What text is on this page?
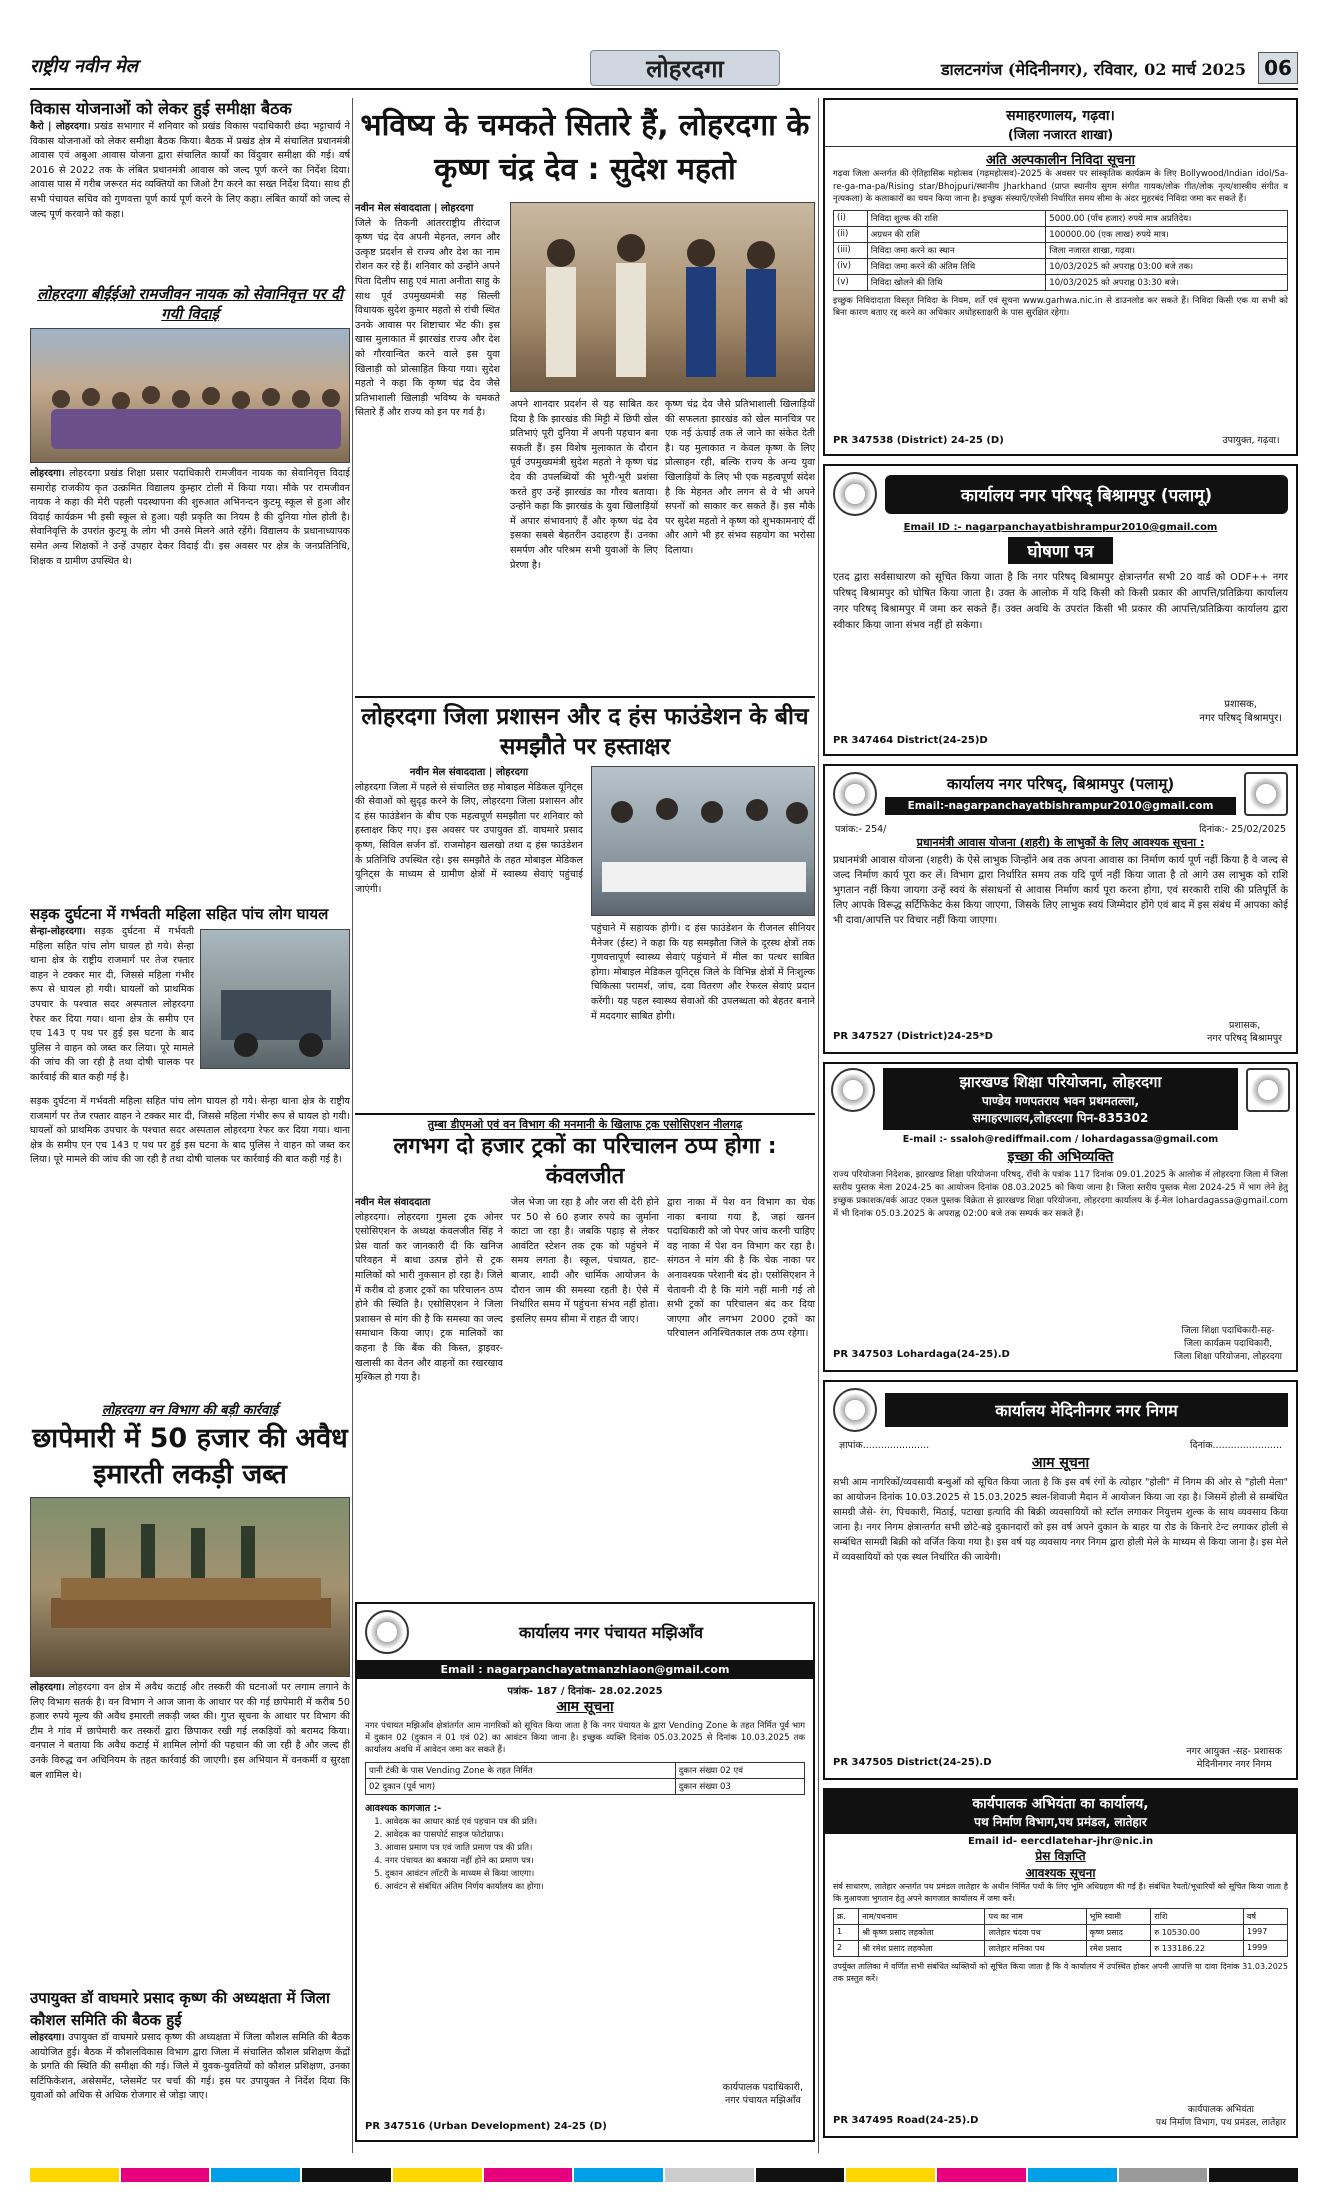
राष्ट्रीय नवीन मेल	लोहरदगा	डालटनगंज (मेदिनीनगर), रविवार, 02 मार्च 2025 06
विकास योजनाओं को लेकर हुई समीक्षा बैठक
कैरो | लोहरदगा। प्रखंड सभागार में शनिवार को प्रखंड विकास पदाधिकारी छंदा भट्टाचार्य ने विकास योजनाओं को लेकर समीक्षा बैठक किया। बैठक में प्रखंड क्षेत्र में संचालित प्रधानमंत्री आवास एवं अबुआ आवास योजना द्वारा संचालित कार्यों का विंदुवार समीक्षा की गई। वर्ष 2016 से 2022 तक के लंबित प्रधानमंत्री आवास को जल्द पूर्ण करने का निर्देश दिया। आवास पास में गरीब जरूरत मंद व्यक्तियों का जिओ टैग करने का सख्त निर्देश दिया। साथ ही सभी पंचायत सचिव को गुणवत्ता पूर्ण कार्य पूर्ण करने के लिए कहा। लंबित कार्यों को जल्द से जल्द पूर्ण करवाने को कहा।
लोहरदगा बीईईओ रामजीवन नायक को सेवानिवृत्त पर दी गयी विदाई
लोहरदगा। लोहरदगा प्रखंड शिक्षा प्रसार पदाधिकारी रामजीवन नायक का सेवानिवृत्त विदाई समारोह राजकीय कृत उत्क्रमित विद्यालय कुम्हार टोली में किया गया। मौके पर रामजीवन नायक ने कहा की मेरी पहली पदस्थापना की शुरुआत अभिनन्दन कुटमू स्कूल से हुआ और विदाई कार्यक्रम भी इसी स्कूल से हुआ। यही प्रकृति का नियम है की दुनिया गोल होती है। सेवानिवृत्ति के उपरांत कुटमू के लोग भी उनसे मिलने आते रहेंगे। विद्यालय के प्रधानाध्यापक समेत अन्य शिक्षकों ने उन्हें उपहार देकर विदाई दी। इस अवसर पर क्षेत्र के जनप्रतिनिधि, शिक्षक व ग्रामीण उपस्थित थे।
सड़क दुर्घटना में गर्भवती महिला सहित पांच लोग घायल
सेन्हा-लोहरदगा। सड़क दुर्घटना में गर्भवती महिला सहित पांच लोग घायल हो गये। सेन्हा थाना क्षेत्र के राष्ट्रीय राजमार्ग पर तेज रफ्तार वाहन ने टक्कर मार दी, जिससे महिला गंभीर रूप से घायल हो गयी। घायलों को प्राथमिक उपचार के पश्चात सदर अस्पताल लोहरदगा रेफर कर दिया गया। थाना क्षेत्र के समीप एन एच 143 ए पथ पर हुई इस घटना के बाद पुलिस ने वाहन को जब्त कर लिया। पूरे मामले की जांच की जा रही है तथा दोषी चालक पर कार्रवाई की बात कही गई है।
सड़क दुर्घटना में गर्भवती महिला सहित पांच लोग घायल हो गये। सेन्हा थाना क्षेत्र के राष्ट्रीय राजमार्ग पर तेज रफ्तार वाहन ने टक्कर मार दी, जिससे महिला गंभीर रूप से घायल हो गयी। घायलों को प्राथमिक उपचार के पश्चात सदर अस्पताल लोहरदगा रेफर कर दिया गया। थाना क्षेत्र के समीप एन एच 143 ए पथ पर हुई इस घटना के बाद पुलिस ने वाहन को जब्त कर लिया। पूरे मामले की जांच की जा रही है तथा दोषी चालक पर कार्रवाई की बात कही गई है।
लोहरदगा वन विभाग की बड़ी कार्रवाई
छापेमारी में 50 हजार की अवैध इमारती लकड़ी जब्त
लोहरदगा। लोहरदगा वन क्षेत्र में अवैध कटाई और तस्करी की घटनाओं पर लगाम लगाने के लिए विभाग सतर्क है। वन विभाग ने आज जाना के आधार पर की गई छापेमारी में करीब 50 हजार रुपये मूल्य की अवैध इमारती लकड़ी जब्त की। गुप्त सूचना के आधार पर विभाग की टीम ने गांव में छापेमारी कर तस्करों द्वारा छिपाकर रखी गई लकड़ियों को बरामद किया। वनपाल ने बताया कि अवैध कटाई में शामिल लोगों की पहचान की जा रही है और जल्द ही उनके विरुद्ध वन अधिनियम के तहत कार्रवाई की जाएगी। इस अभियान में वनकर्मी व सुरक्षा बल शामिल थे।
उपायुक्त डॉ वाघमारे प्रसाद कृष्ण की अध्यक्षता में जिला कौशल समिति की बैठक हुई
लोहरदगा। उपायुक्त डॉ वाघमारे प्रसाद कृष्ण की अध्यक्षता में जिला कौशल समिति की बैठक आयोजित हुई। बैठक में कौशलविकास विभाग द्वारा जिला में संचालित कौशल प्रशिक्षण केंद्रों के प्रगति की स्थिति की समीक्षा की गई। जिले में युवक-युवतियों को कौशल प्रशिक्षण, उनका सर्टिफिकेशन, असेसमेंट, प्लेसमेंट पर चर्चा की गई। इस पर उपायुक्त ने निर्देश दिया कि युवाओं को अधिक से अधिक रोजगार से जोड़ा जाए।
भविष्य के चमकते सितारे हैं, लोहरदगा के कृष्ण चंद्र देव : सुदेश महतो
नवीन मेल संवाददाता | लोहरदगा
जिले के तिकनी आंतरराष्ट्रीय तीरंदाज कृष्ण चंद्र देव अपनी मेहनत, लगन और उत्कृष्ट प्रदर्शन से राज्य और देश का नाम रोशन कर रहे हैं। शनिवार को उन्होंने अपने पिता दिलीप साहु एवं माता अनीता साहु के साथ पूर्व उपमुख्यमंत्री सह सिल्ली विधायक सुदेश कुमार महतो से रांची स्थित उनके आवास पर शिष्टाचार भेंट की। इस खास मुलाकात में झारखंड राज्य और देश को गौरवान्वित करने वाले इस युवा खिलाड़ी को प्रोत्साहित किया गया। सुदेश महतो ने कहा कि कृष्ण चंद्र देव जैसे प्रतिभाशाली खिलाड़ी भविष्य के चमकते सितारे हैं और राज्य को इन पर गर्व है।
अपने शानदार प्रदर्शन से यह साबित कर दिया है कि झारखंड की मिट्टी में छिपी खेल प्रतिभाएं पूरी दुनिया में अपनी पहचान बना सकती हैं। इस विशेष मुलाकात के दौरान पूर्व उपमुख्यमंत्री सुदेश महतो ने कृष्ण चंद्र देव की उपलब्धियों की भूरी-भूरी प्रशंसा करते हुए उन्हें झारखंड का गौरव बताया। उन्होंने कहा कि झारखंड के युवा खिलाड़ियों में अपार संभावनाएं हैं और कृष्ण चंद्र देव इसका सबसे बेहतरीन उदाहरण हैं। उनका समर्पण और परिश्रम सभी युवाओं के लिए प्रेरणा है।
कृष्ण चंद्र देव जैसे प्रतिभाशाली खिलाड़ियों की सफलता झारखंड को खेल मानचित्र पर एक नई ऊंचाई तक ले जाने का संकेत देती है। यह मुलाकात न केवल कृष्ण के लिए प्रोत्साहन रही, बल्कि राज्य के अन्य युवा खिलाड़ियों के लिए भी एक महत्वपूर्ण संदेश है कि मेहनत और लगन से वे भी अपने सपनों को साकार कर सकते हैं। इस मौके पर सुदेश महतो ने कृष्ण को शुभकामनाएं दीं और आगे भी हर संभव सहयोग का भरोसा दिलाया।
लोहरदगा जिला प्रशासन और द हंस फाउंडेशन के बीच समझौते पर हस्ताक्षर
नवीन मेल संवाददाता | लोहरदगा
लोहरदगा जिला में पहले से संचालित छह मोबाइल मेडिकल यूनिट्स की सेवाओं को सुदृढ़ करने के लिए, लोहरदगा जिला प्रशासन और द हंस फाउंडेशन के बीच एक महत्वपूर्ण समझौता पर शनिवार को हस्ताक्षर किए गए। इस अवसर पर उपायुक्त डॉ. वाघमारे प्रसाद कृष्ण, सिविल सर्जन डॉ. राजमोहन खलखो तथा द हंस फाउंडेशन के प्रतिनिधि उपस्थित रहे। इस समझौते के तहत मोबाइल मेडिकल यूनिट्स के माध्यम से ग्रामीण क्षेत्रों में स्वास्थ्य सेवाएं पहुंचाई जाएंगी।
पहुंचाने में सहायक होगी। द हंस फाउंडेशन के रीजनल सीनियर मैनेजर (ईस्ट) ने कहा कि यह समझौता जिले के दूरस्थ क्षेत्रों तक गुणवत्तापूर्ण स्वास्थ्य सेवाएं पहुंचाने में मील का पत्थर साबित होगा। मोबाइल मेडिकल यूनिट्स जिले के विभिन्न क्षेत्रों में निःशुल्क चिकित्सा परामर्श, जांच, दवा वितरण और रेफरल सेवाएं प्रदान करेंगी। यह पहल स्वास्थ्य सेवाओं की उपलब्धता को बेहतर बनाने में मददगार साबित होगी।
तुम्बा डीएमओ एवं वन विभाग की मनमानी के खिलाफ ट्रक एसोसिएशन नीलगढ़
लगभग दो हजार ट्रकों का परिचालन ठप्प होगा : कंवलजीत
नवीन मेल संवाददाता
लोहरदगा। लोहरदगा गुमला ट्रक ओनर एसोसिएशन के अध्यक्ष कंवलजीत सिंह ने प्रेस वार्ता कर जानकारी दी कि खनिज परिवहन में बाधा उत्पन्न होने से ट्रक मालिकों को भारी नुकसान हो रहा है। जिले में करीब दो हजार ट्रकों का परिचालन ठप्प होने की स्थिति है। एसोसिएशन ने जिला प्रशासन से मांग की है कि समस्या का जल्द समाधान किया जाए। ट्रक मालिकों का कहना है कि बैंक की किस्त, ड्राइवर-खलासी का वेतन और वाहनों का रखरखाव मुश्किल हो गया है।
जेल भेजा जा रहा है और जरा सी देरी होने पर 50 से 60 हजार रुपये का जुर्माना काटा जा रहा है। जबकि पहाड़ से लेकर आवंटित स्टेशन तक ट्रक को पहुंचने में समय लगता है। स्कूल, पंचायत, हाट-बाजार, शादी और धार्मिक आयोजन के दौरान जाम की समस्या रहती है। ऐसे में निर्धारित समय में पहुंचना संभव नहीं होता। इसलिए समय सीमा में राहत दी जाए।
द्वारा नाका में पेश वन विभाग का चेक नाका बनाया गया है, जहां खनन पदाधिकारी को जो पेपर जांच करनी चाहिए वह नाका में पेश वन विभाग कर रहा है। संगठन ने मांग की है कि चेक नाका पर अनावश्यक परेशानी बंद हो। एसोसिएशन ने चेतावनी दी है कि मांगे नहीं मानी गई तो सभी ट्रकों का परिचालन बंद कर दिया जाएगा और लगभग 2000 ट्रकों का परिचालन अनिश्चितकाल तक ठप्प रहेगा।
कार्यालय नगर पंचायत मझिआँव
Email : nagarpanchayatmanzhiaon@gmail.com
पत्रांक- 187 / दिनांक- 28.02.2025
आम सूचना
नगर पंचायत मझिआँव क्षेत्रांतर्गत आम नागरिकों को सूचित किया जाता है कि नगर पंचायत के द्वारा Vending Zone के तहत निर्मित पूर्व भाग में दुकान 02 (दुकान नं 01 एवं 02) का आवंटन किया जाना है। इच्छुक व्यक्ति दिनांक 05.03.2025 से दिनांक 10.03.2025 तक कार्यालय अवधि में आवेदन जमा कर सकते हैं।
पानी टंकी के पास Vending Zone के तहत निर्मित	दुकान संख्या 02 एवं
02 दुकान (पूर्व भाग)	दुकान संख्या 03
आवश्यक कागजात :-
1. आवेदक का आधार कार्ड एवं पहचान पत्र की प्रति।
2. आवेदक का पासपोर्ट साइज फोटोग्राफ।
3. आवास प्रमाण पत्र एवं जाति प्रमाण पत्र की प्रति।
4. नगर पंचायत का बकाया नहीं होने का प्रमाण पत्र।
5. दुकान आवंटन लॉटरी के माध्यम से किया जाएगा।
6. आवंटन से संबंधित अंतिम निर्णय कार्यालय का होगा।
कार्यपालक पदाधिकारी,
नगर पंचायत मझिआँव
PR 347516 (Urban Development) 24-25 (D)
समाहरणालय, गढ़वा।
(जिला नजारत शाखा)
अति अल्पकालीन निविदा सूचना
गढ़वा जिला अन्तर्गत की ऐतिहासिक महोत्सव (गढ़महोत्सव)-2025 के अवसर पर सांस्कृतिक कार्यक्रम के लिए Bollywood/Indian idol/Sa-re-ga-ma-pa/Rising star/Bhojpuri/स्थानीय Jharkhand (प्राप्त स्थानीय सुगम संगीत गायक/लोक गीत/लोक नृत्य/शास्त्रीय संगीत व नृत्यकला) के कलाकारों का चयन किया जाना है। इच्छुक संस्थाएँ/एजेंसी निर्धारित समय सीमा के अंदर मुहरबंद निविदा जमा कर सकते हैं।
(i)	निविदा शुल्क की राशि	5000.00 (पाँच हजार) रुपये मात्र अप्रतिदेय।
(ii)	अग्रधन की राशि	100000.00 (एक लाख) रुपये मात्र।
(iii)	निविदा जमा करने का स्थान	जिला नजारत शाखा, गढ़वा।
(iv)	निविदा जमा करने की अंतिम तिथि	10/03/2025 को अपराह्न 03:00 बजे तक।
(v)	निविदा खोलने की तिथि	10/03/2025 को अपराह्न 03:30 बजे।
इच्छुक निविदादाता विस्तृत निविदा के नियम, शर्तें एवं सूचना www.garhwa.nic.in से डाउनलोड कर सकते हैं। निविदा किसी एक या सभी को बिना कारण बताए रद्द करने का अधिकार अधोहस्ताक्षरी के पास सुरक्षित रहेगा।
PR 347538 (District) 24-25 (D)	उपायुक्त, गढ़वा।
कार्यालय नगर परिषद् बिश्रामपुर (पलामू)
Email ID :- nagarpanchayatbishrampur2010@gmail.com
घोषणा पत्र
एतद द्वारा सर्वसाधारण को सूचित किया जाता है कि नगर परिषद् बिश्रामपुर क्षेत्रान्तर्गत सभी 20 वार्ड को ODF++ नगर परिषद् बिश्रामपुर को घोषित किया जाता है। उक्त के आलोक में यदि किसी को किसी प्रकार की आपत्ति/प्रतिक्रिया कार्यालय नगर परिषद् बिश्रामपुर में जमा कर सकते हैं। उक्त अवधि के उपरांत किसी भी प्रकार की आपत्ति/प्रतिक्रिया कार्यालय द्वारा स्वीकार किया जाना संभव नहीं हो सकेगा।
प्रशासक,
नगर परिषद् बिश्रामपुर।
PR 347464 District(24-25)D
कार्यालय नगर परिषद्, बिश्रामपुर (पलामू)
Email:-nagarpanchayatbishrampur2010@gmail.com
पत्रांक:- 254/	दिनांक:- 25/02/2025
प्रधानमंत्री आवास योजना (शहरी) के लाभुकों के लिए आवश्यक सूचना :
प्रधानमंत्री आवास योजना (शहरी) के ऐसे लाभुक जिन्होंने अब तक अपना आवास का निर्माण कार्य पूर्ण नहीं किया है वे जल्द से जल्द निर्माण कार्य पूरा कर लें। विभाग द्वारा निर्धारित समय तक यदि पूर्ण नहीं किया जाता है तो आगे उस लाभुक को राशि भुगतान नहीं किया जायगा उन्हें स्वयं के संसाधनों से आवास निर्माण कार्य पूरा करना होगा, एवं सरकारी राशि की प्रतिपूर्ति के लिए आपके विरूद्ध सर्टिफिकेट केस किया जाएगा, जिसके लिए लाभुक स्वयं जिम्मेदार होंगे एवं बाद में इस संबंध में आपका कोई भी दावा/आपत्ति पर विचार नहीं किया जाएगा।
प्रशासक,
नगर परिषद् बिश्रामपुर
PR 347527 (District)24-25*D
झारखण्ड शिक्षा परियोजना, लोहरदगा
पाण्डेय गणपतराय भवन प्रथमतल्ला,
समाहरणालय,लोहरदगा पिन-835302
E-mail :- ssaloh@rediffmail.com / lohardagassa@gmail.com
इच्छा की अभिव्यक्ति
राज्य परियोजना निदेशक, झारखण्ड शिक्षा परियोजना परिषद्, राँची के पत्रांक 117 दिनांक 09.01.2025 के आलोक में लोहरदगा जिला में जिला स्तरीय पुस्तक मेला 2024-25 का आयोजन दिनांक 08.03.2025 को किया जाना है। जिला स्तरीय पुस्तक मेला 2024-25 में भाग लेने हेतु इच्छुक प्रकाशक/वर्क आउट एकल पुस्तक विक्रेता से झारखण्ड शिक्षा परियोजना, लोहरदगा कार्यालय के ई-मेल lohardagassa@gmail.com में भी दिनांक 05.03.2025 के अपराह्न 02:00 बजे तक सम्पर्क कर सकते हैं।
जिला शिक्षा पदाधिकारी-सह-
जिला कार्यक्रम पदाधिकारी,
जिला शिक्षा परियोजना, लोहरदगा
PR 347503 Lohardaga(24-25).D
कार्यालय मेदिनीनगर नगर निगम
ज्ञापांक......................	दिनांक.......................
आम सूचना
सभी आम नागरिकों/व्यवसायी बन्धुओं को सूचित किया जाता है कि इस वर्ष रंगों के त्योहार "होली" में निगम की ओर से "होली मेला" का आयोजन दिनांक 10.03.2025 से 15.03.2025 स्थल-शिवाजी मैदान में आयोजन किया जा रहा है। जिसमें होली से सम्बंधित सामग्री जैसे- रंग, पिचकारी, मिठाई, पटाखा इत्यादि की बिक्री व्यवसायियों को स्टॉल लगाकर नियुत्तम शुल्क के साथ व्यवसाय किया जाना है। नगर निगम क्षेत्रान्तर्गत सभी छोटे-बड़े दुकानदारों को इस वर्ष अपने दुकान के बाहर या रोड के किनारे टेन्ट लगाकर होली से सम्बंधित सामग्री बिक्री को वर्जित किया गया है। इस वर्ष यह व्यवसाय नगर निगम द्वारा होली मेले के माध्यम से किया जाना है। इस मेले में व्यवसायियों को एक स्थल निर्धारित की जायेगी।
नगर आयुक्त -सह- प्रशासक
मेदिनीनगर नगर निगम
PR 347505 District(24-25).D
कार्यपालक अभियंता का कार्यालय,
पथ निर्माण विभाग,पथ प्रमंडल, लातेहार
Email id- eercdlatehar-jhr@nic.in
प्रेस विज्ञप्ति
आवश्यक सूचना
सर्व साधारण, लातेहार अन्तर्गत पथ प्रमंडल लातेहार के अधीन निर्मित पथों के लिए भूमि अधिग्रहण की गई है। संबंधित रैयतों/भूधारियों को सूचित किया जाता है कि मुआवजा भुगतान हेतु अपने कागजात कार्यालय में जमा करें।
क्र.	नाम/पथनाम	पथ का नाम	भूमि स्वामी	राशि	वर्ष
1	श्री कृष्ण प्रसाद लहकोला	लातेहार चंदवा पथ	कृष्ण प्रसाद	रु 10530.00	1997
2	श्री रमेश प्रसाद लहकोला	लातेहार मनिका पथ	रमेश प्रसाद	रु 133186.22	1999
उपर्युक्त तालिका में वर्णित सभी संबंधित व्यक्तियों को सूचित किया जाता है कि वे कार्यालय में उपस्थित होकर अपनी आपत्ति या दावा दिनांक 31.03.2025 तक प्रस्तुत करें।
कार्यपालक अभियंता
पथ निर्माण विभाग, पथ प्रमंडल, लातेहार
PR 347495 Road(24-25).D
